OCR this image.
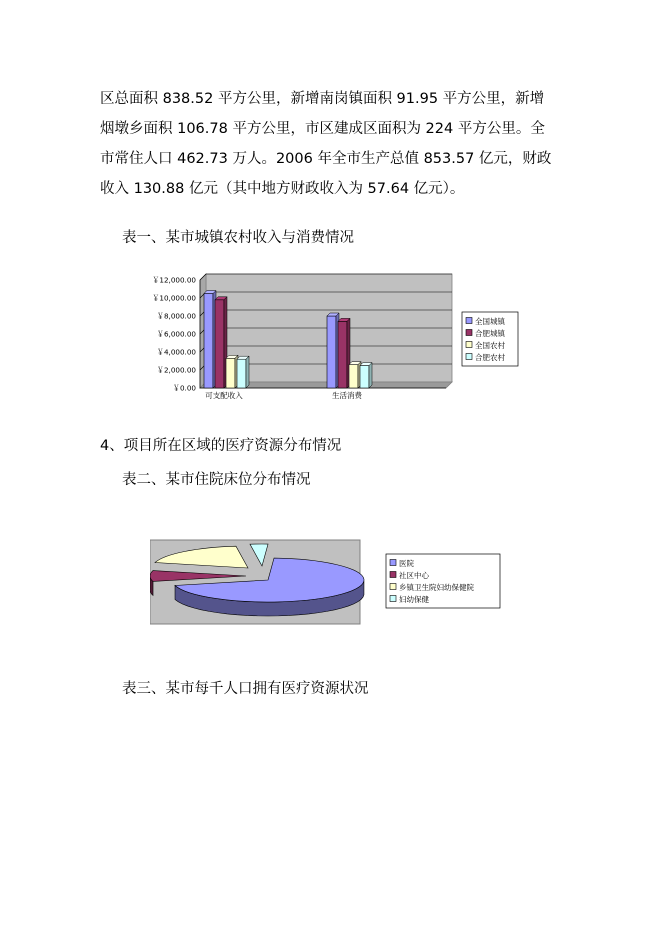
区总面积 838.52 平方公里，新增南岗镇面积 91.95 平方公里，新增
烟墩乡面积 106.78 平方公里，市区建成区面积为 224 平方公里。全
市常住人口 462.73 万人。2006 年全市生产总值 853.57 亿元，财政
收入 130.88 亿元（其中地方财政收入为 57.64 亿元）。
表一、某市城镇农村收入与消费情况
￥0.00
￥2,000.00
￥4,000.00
￥6,000.00
￥8,000.00
￥10,000.00
￥12,000.00
可支配收入	生活消费
全国城镇
合肥城镇
全国农村
合肥农村
4、项目所在区域的医疗资源分布情况
表二、某市住院床位分布情况
医院
社区中心
乡镇卫生院妇幼保健院
妇幼保健
表三、某市每千人口拥有医疗资源状况
